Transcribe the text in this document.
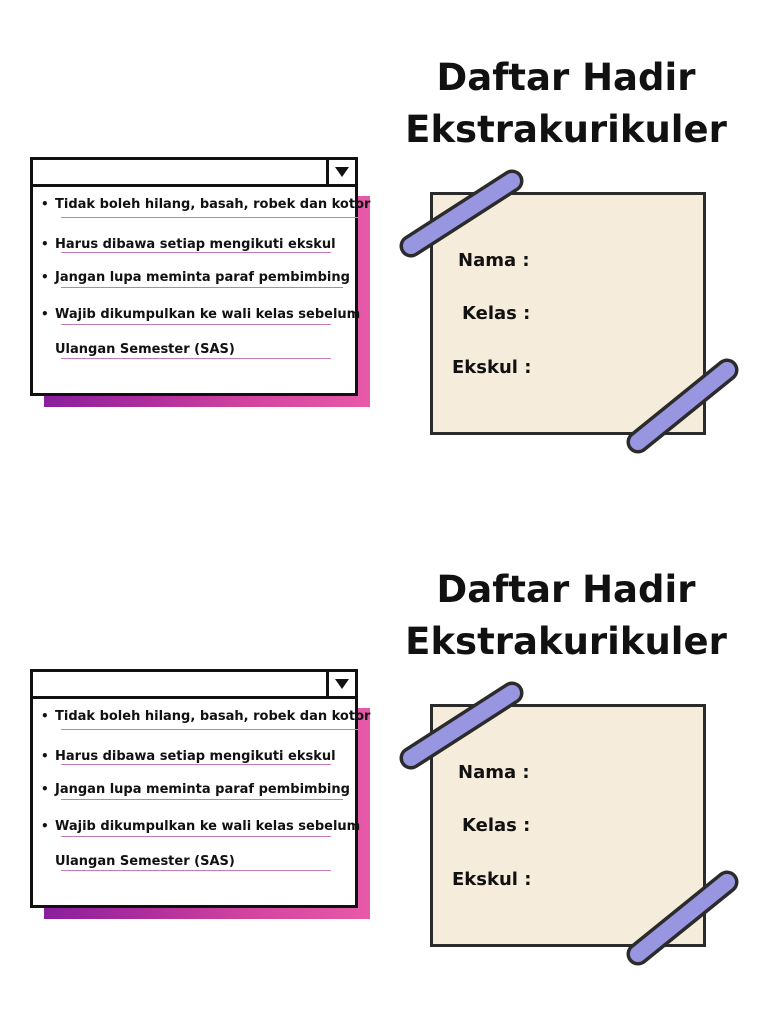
Daftar Hadir
Ekstrakurikuler
• Tidak boleh hilang, basah, robek dan kotor
• Harus dibawa setiap mengikuti ekskul
• Jangan lupa meminta paraf pembimbing
• Wajib dikumpulkan ke wali kelas sebelum
Ulangan Semester (SAS)
Nama :
Kelas :
Ekskul :
Daftar Hadir
Ekstrakurikuler
• Tidak boleh hilang, basah, robek dan kotor
• Harus dibawa setiap mengikuti ekskul
• Jangan lupa meminta paraf pembimbing
• Wajib dikumpulkan ke wali kelas sebelum
Ulangan Semester (SAS)
Nama :
Kelas :
Ekskul :
